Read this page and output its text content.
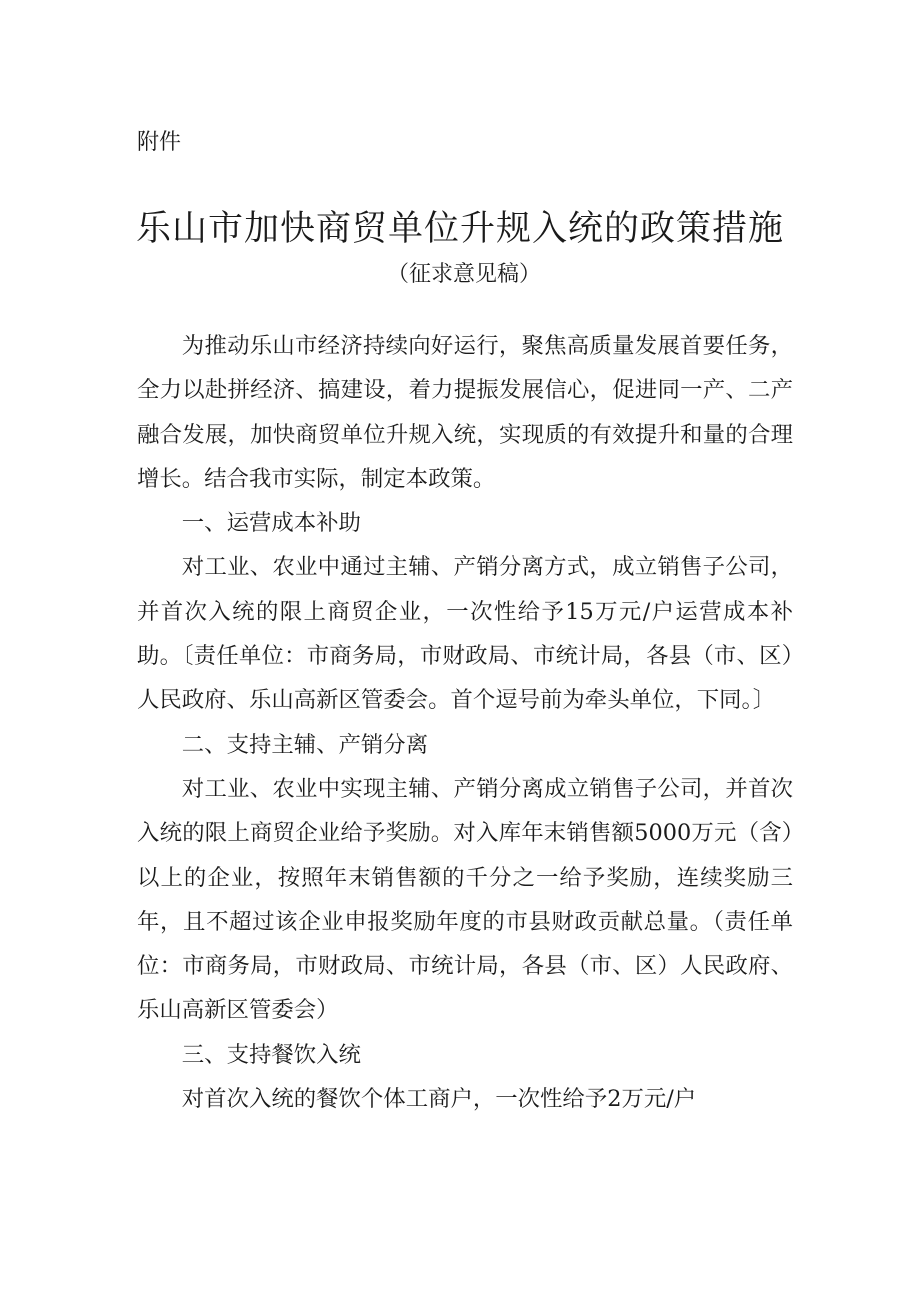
附件
乐山市加快商贸单位升规入统的政策措施
（征求意见稿）

为推动乐山市经济持续向好运行，聚焦高质量发展首要任务，全力以赴拼经济、搞建设，着力提振发展信心，促进同一产、二产融合发展，加快商贸单位升规入统，实现质的有效提升和量的合理增长。结合我市实际，制定本政策。

一、运营成本补助

对工业、农业中通过主辅、产销分离方式，成立销售子公司，并首次入统的限上商贸企业，一次性给予15万元/户运营成本补助。〔责任单位：市商务局，市财政局、市统计局，各县（市、区）人民政府、乐山高新区管委会。首个逗号前为牵头单位，下同。〕

二、支持主辅、产销分离

对工业、农业中实现主辅、产销分离成立销售子公司，并首次入统的限上商贸企业给予奖励。对入库年末销售额5000万元（含）以上的企业，按照年末销售额的千分之一给予奖励，连续奖励三年，且不超过该企业申报奖励年度的市县财政贡献总量。（责任单位：市商务局，市财政局、市统计局，各县（市、区）人民政府、乐山高新区管委会）

三、支持餐饮入统

对首次入统的餐饮个体工商户，一次性给予2万元/户
